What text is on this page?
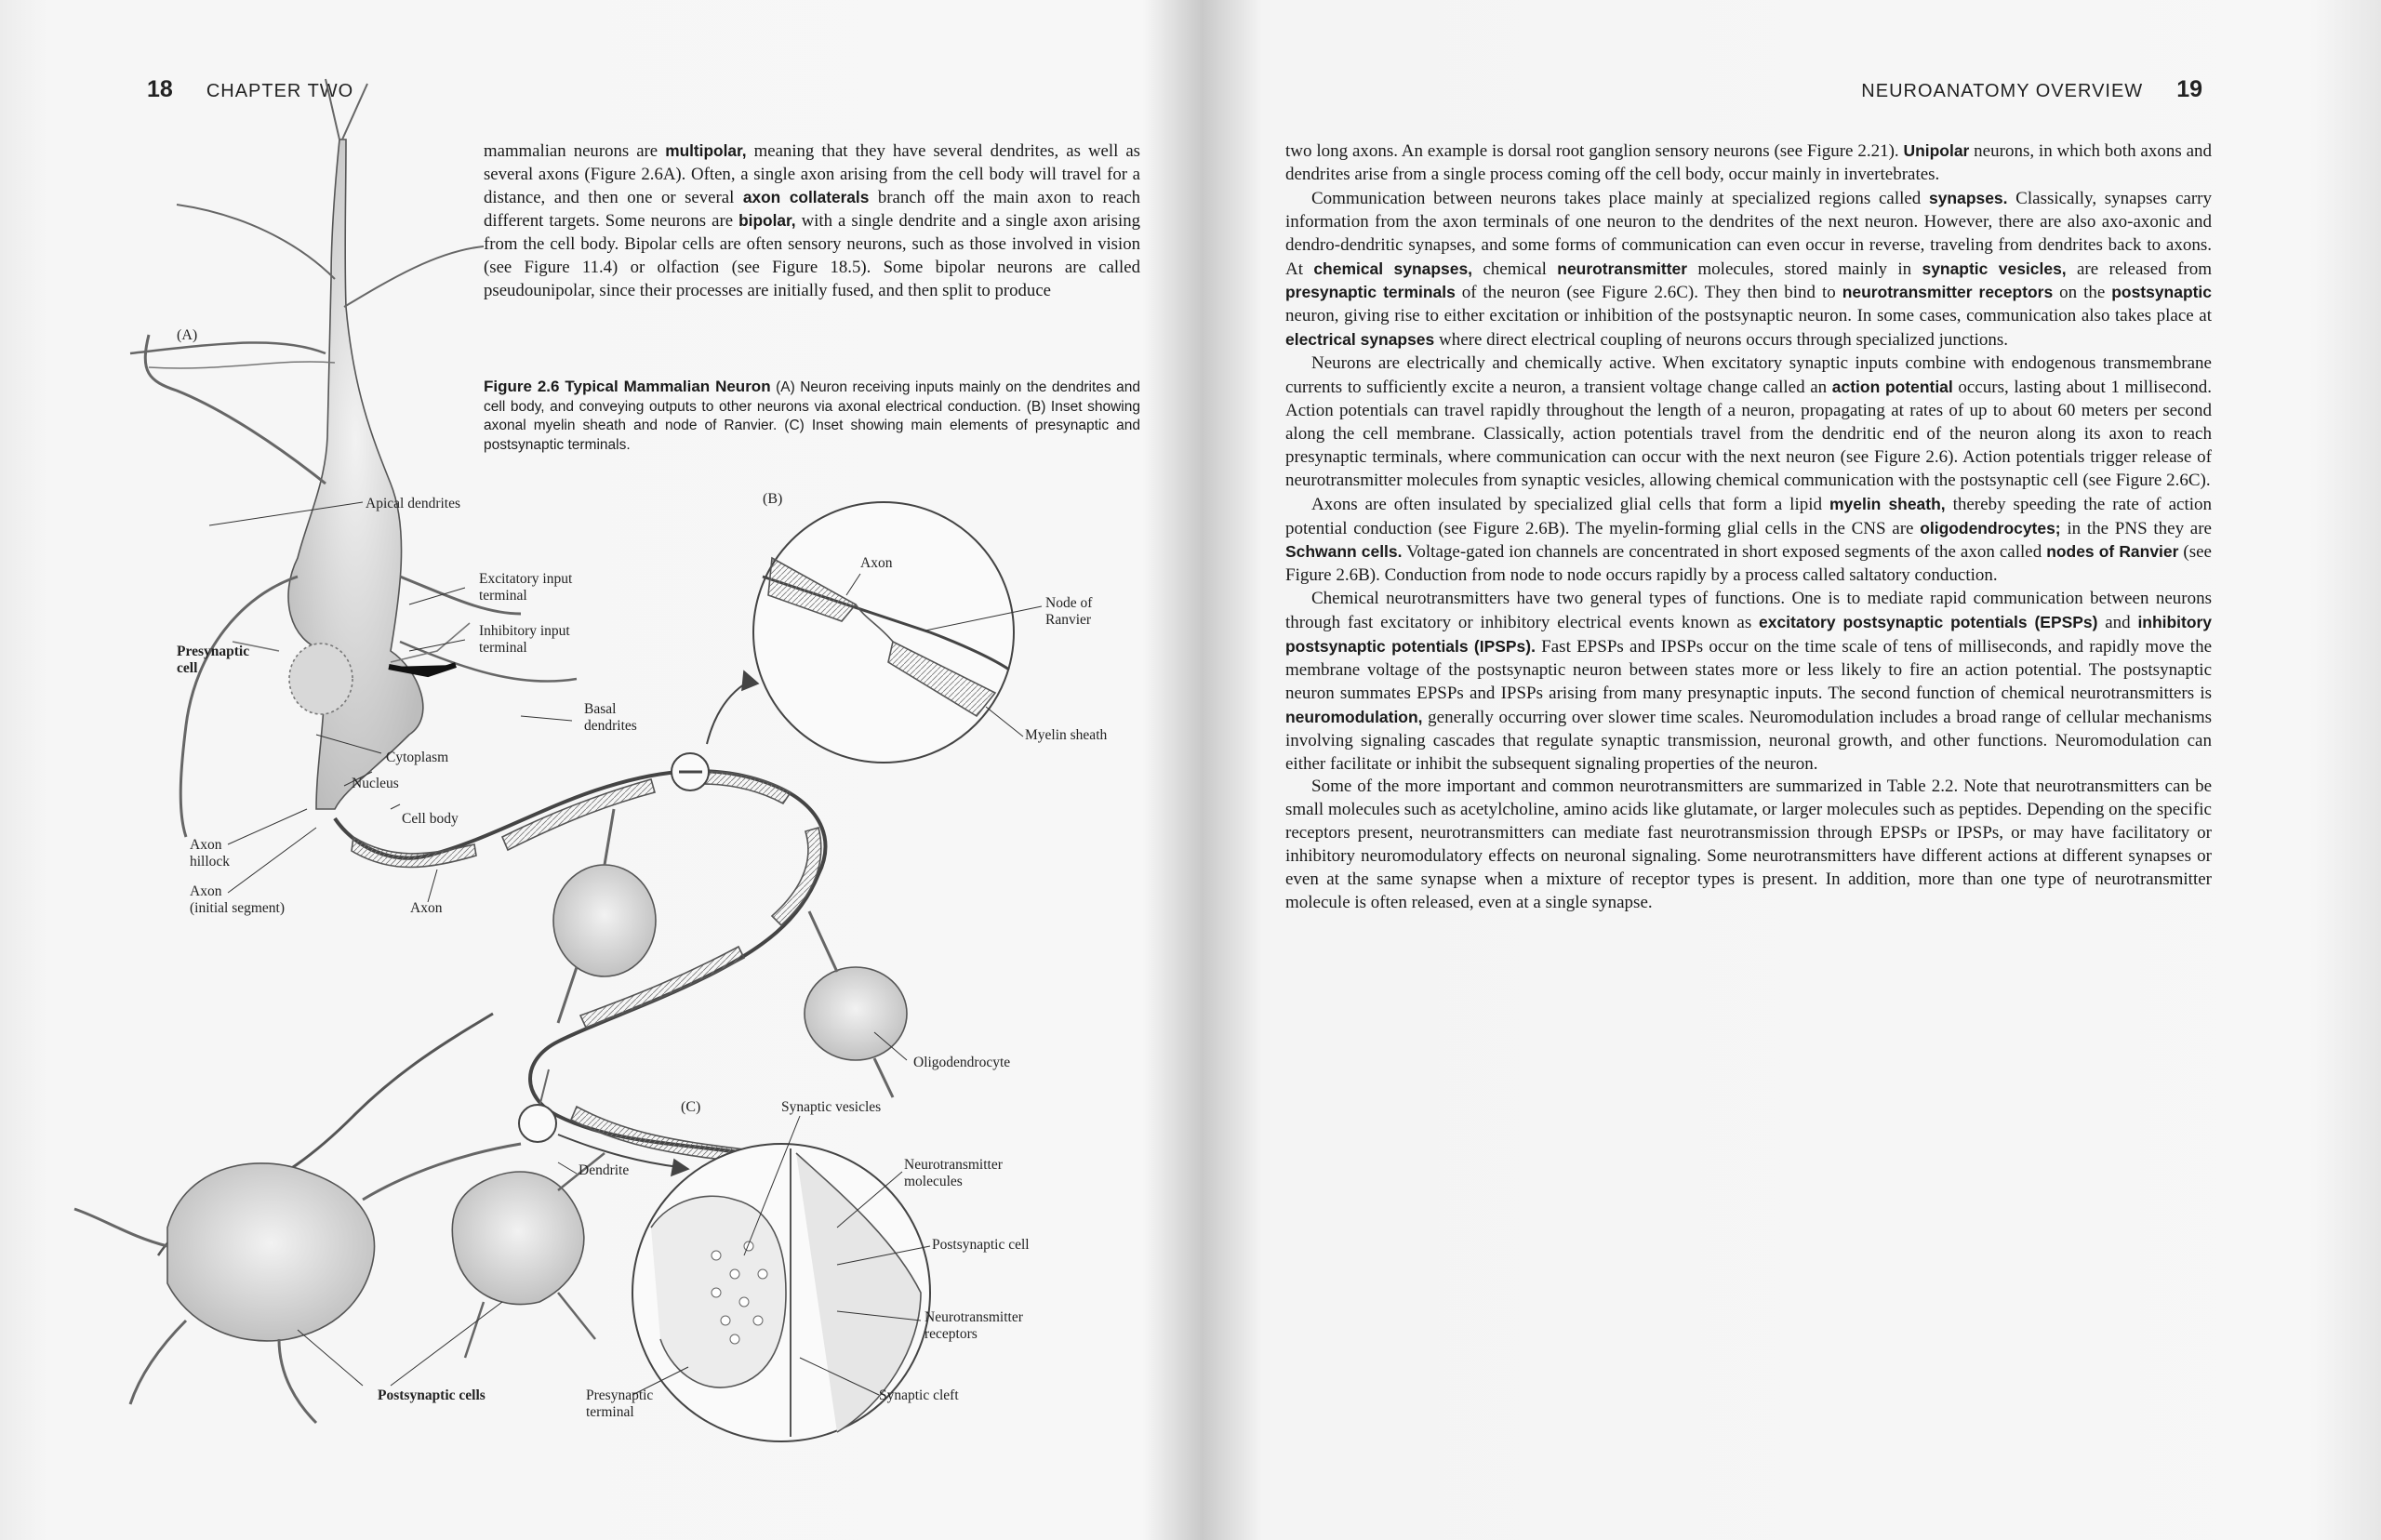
18 CHAPTER TWO

mammalian neurons are multipolar, meaning that they have several dendrites, as well as several axons (Figure 2.6A). Often, a single axon arising from the cell body will travel for a distance, and then one or several axon collaterals branch off the main axon to reach different targets. Some neurons are bipolar, with a single dendrite and a single axon arising from the cell body. Bipolar cells are often sensory neurons, such as those involved in vision (see Figure 11.4) or olfaction (see Figure 18.5). Some bipolar neurons are called pseudounipolar, since their processes are initially fused, and then split to produce

Figure 2.6 Typical Mammalian Neuron (A) Neuron receiving inputs mainly on the dendrites and cell body, and conveying outputs to other neurons via axonal electrical conduction. (B) Inset showing axonal myelin sheath and node of Ranvier. (C) Inset showing main elements of presynaptic and postsynaptic terminals.
(A)
(B)
(C)
Apical dendrites
Presynaptic
cell
Excitatory input
terminal
Inhibitory input
terminal
Basal
dendrites
Cytoplasm
Nucleus
Cell body
Axon
hillock
Axon
(initial segment)	Axon
Axon
Node of
Ranvier
Myelin sheath
Oligodendrocyte
Synaptic vesicles
Dendrite	Neurotransmitter
molecules
Postsynaptic cell
Neurotransmitter
receptors
Postsynaptic cells	Presynaptic
terminal
Synaptic cleft
NEUROANATOMY OVERVIEW 19

two long axons. An example is dorsal root ganglion sensory neurons (see Figure 2.21). Unipolar neurons, in which both axons and dendrites arise from a single process coming off the cell body, occur mainly in invertebrates.

Communication between neurons takes place mainly at specialized regions called synapses. Classically, synapses carry information from the axon terminals of one neuron to the dendrites of the next neuron. However, there are also axo-axonic and dendro-dendritic synapses, and some forms of communication can even occur in reverse, traveling from dendrites back to axons. At chemical synapses, chemical neurotransmitter molecules, stored mainly in synaptic vesicles, are released from presynaptic terminals of the neuron (see Figure 2.6C). They then bind to neurotransmitter receptors on the postsynaptic neuron, giving rise to either excitation or inhibition of the postsynaptic neuron. In some cases, communication also takes place at electrical synapses where direct electrical coupling of neurons occurs through specialized junctions.

Neurons are electrically and chemically active. When excitatory synaptic inputs combine with endogenous transmembrane currents to sufficiently excite a neuron, a transient voltage change called an action potential occurs, lasting about 1 millisecond. Action potentials can travel rapidly throughout the length of a neuron, propagating at rates of up to about 60 meters per second along the cell membrane. Classically, action potentials travel from the dendritic end of the neuron along its axon to reach presynaptic terminals, where communication can occur with the next neuron (see Figure 2.6). Action potentials trigger release of neurotransmitter molecules from synaptic vesicles, allowing chemical communication with the postsynaptic cell (see Figure 2.6C).

Axons are often insulated by specialized glial cells that form a lipid myelin sheath, thereby speeding the rate of action potential conduction (see Figure 2.6B). The myelin-forming glial cells in the CNS are oligodendrocytes; in the PNS they are Schwann cells. Voltage-gated ion channels are concentrated in short exposed segments of the axon called nodes of Ranvier (see Figure 2.6B). Conduction from node to node occurs rapidly by a process called saltatory conduction.

Chemical neurotransmitters have two general types of functions. One is to mediate rapid communication between neurons through fast excitatory or inhibitory electrical events known as excitatory postsynaptic potentials (EPSPs) and inhibitory postsynaptic potentials (IPSPs). Fast EPSPs and IPSPs occur on the time scale of tens of milliseconds, and rapidly move the membrane voltage of the postsynaptic neuron between states more or less likely to fire an action potential. The postsynaptic neuron summates EPSPs and IPSPs arising from many presynaptic inputs. The second function of chemical neurotransmitters is neuromodulation, generally occurring over slower time scales. Neuromodulation includes a broad range of cellular mechanisms involving signaling cascades that regulate synaptic transmission, neuronal growth, and other functions. Neuromodulation can either facilitate or inhibit the subsequent signaling properties of the neuron.

Some of the more important and common neurotransmitters are summarized in Table 2.2. Note that neurotransmitters can be small molecules such as acetylcholine, amino acids like glutamate, or larger molecules such as peptides. Depending on the specific receptors present, neurotransmitters can mediate fast neurotransmission through EPSPs or IPSPs, or may have facilitatory or inhibitory neuromodulatory effects on neuronal signaling. Some neurotransmitters have different actions at different synapses or even at the same synapse when a mixture of receptor types is present. In addition, more than one type of neurotransmitter molecule is often released, even at a single synapse.
